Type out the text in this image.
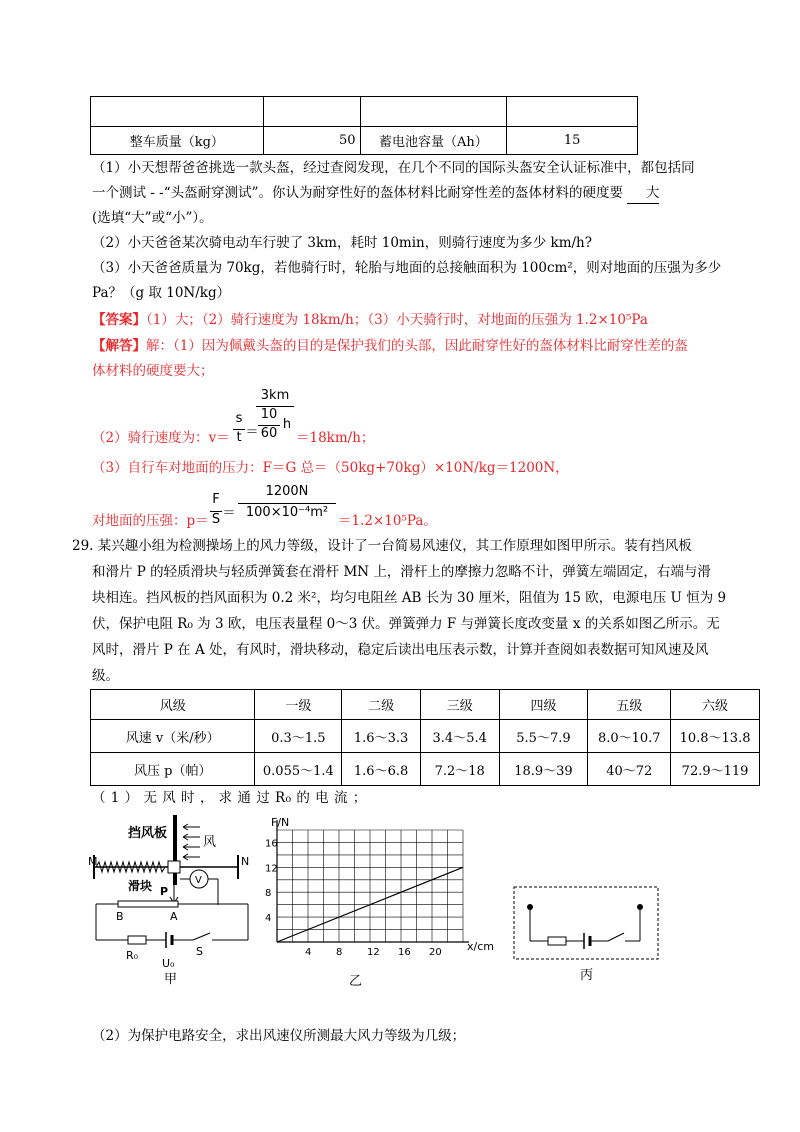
整车质量（kg）	50	蓄电池容量（Ah）	15
（1）小天想帮爸爸挑选一款头盔，经过查阅发现，在几个不同的国际头盔安全认证标准中，都包括同
一个测试 - -“头盔耐穿测试”。你认为耐穿性好的盔体材料比耐穿性差的盔体材料的硬度要 大
(选填“大”或“小”）。
（2）小天爸爸某次骑电动车行驶了 3km，耗时 10min，则骑行速度为多少 km/h?
（3）小天爸爸质量为 70kg，若他骑行时，轮胎与地面的总接触面积为 100cm²，则对地面的压强为多少
Pa？（g 取 10N/kg）
【答案】（1）大；（2）骑行速度为 18km/h；（3）小天骑行时，对地面的压强为 1.2×10⁵Pa
【解答】解：（1）因为佩戴头盔的目的是保护我们的头部，因此耐穿性好的盔体材料比耐穿性差的盔
体材料的硬度要大；
（2）骑行速度为：v＝
s
t ＝
3km
10
60
h
＝18km/h；
（3）自行车对地面的压力：F＝G 总＝（50kg+70kg）×10N/kg＝1200N，
对地面的压强：p＝
F
S ＝
1200N
100×10⁻⁴m²
＝1.2×10⁵Pa。
29. 某兴趣小组为检测操场上的风力等级，设计了一台简易风速仪，其工作原理如图甲所示。装有挡风板
和滑片 P 的轻质滑块与轻质弹簧套在滑杆 MN 上，滑杆上的摩擦力忽略不计，弹簧左端固定，右端与滑
块相连。挡风板的挡风面积为 0.2 米²，均匀电阻丝 AB 长为 30 厘米，阻值为 15 欧，电源电压 U 恒为 9
伏，保护电阻 R₀ 为 3 欧，电压表量程 0～3 伏。弹簧弹力 F 与弹簧长度改变量 x 的关系如图乙所示。无
风时，滑片 P 在 A 处，有风时，滑块移动，稳定后读出电压表示数，计算并查阅如表数据可知风速及风
级。
风级	一级	二级	三级	四级	五级	六级
风速 v（米/秒）	0.3～1.5	1.6～3.3	3.4～5.4	5.5～7.9	8.0～10.7	10.8～13.8
风压 p（帕）	0.055～1.4	1.6～6.8	7.2～18	18.9～39	40～72	72.9～119
（ 1 ） 无 风 时 ， 求 通 过 R₀ 的 电 流 ；
挡风板
风
M	N
滑块 P
V
B	A
R₀
U₀
S
甲
F/N
x/cm
4
8
12
16
4 8 12 16 20
乙	丙
（2）为保护电路安全，求出风速仪所测最大风力等级为几级；
